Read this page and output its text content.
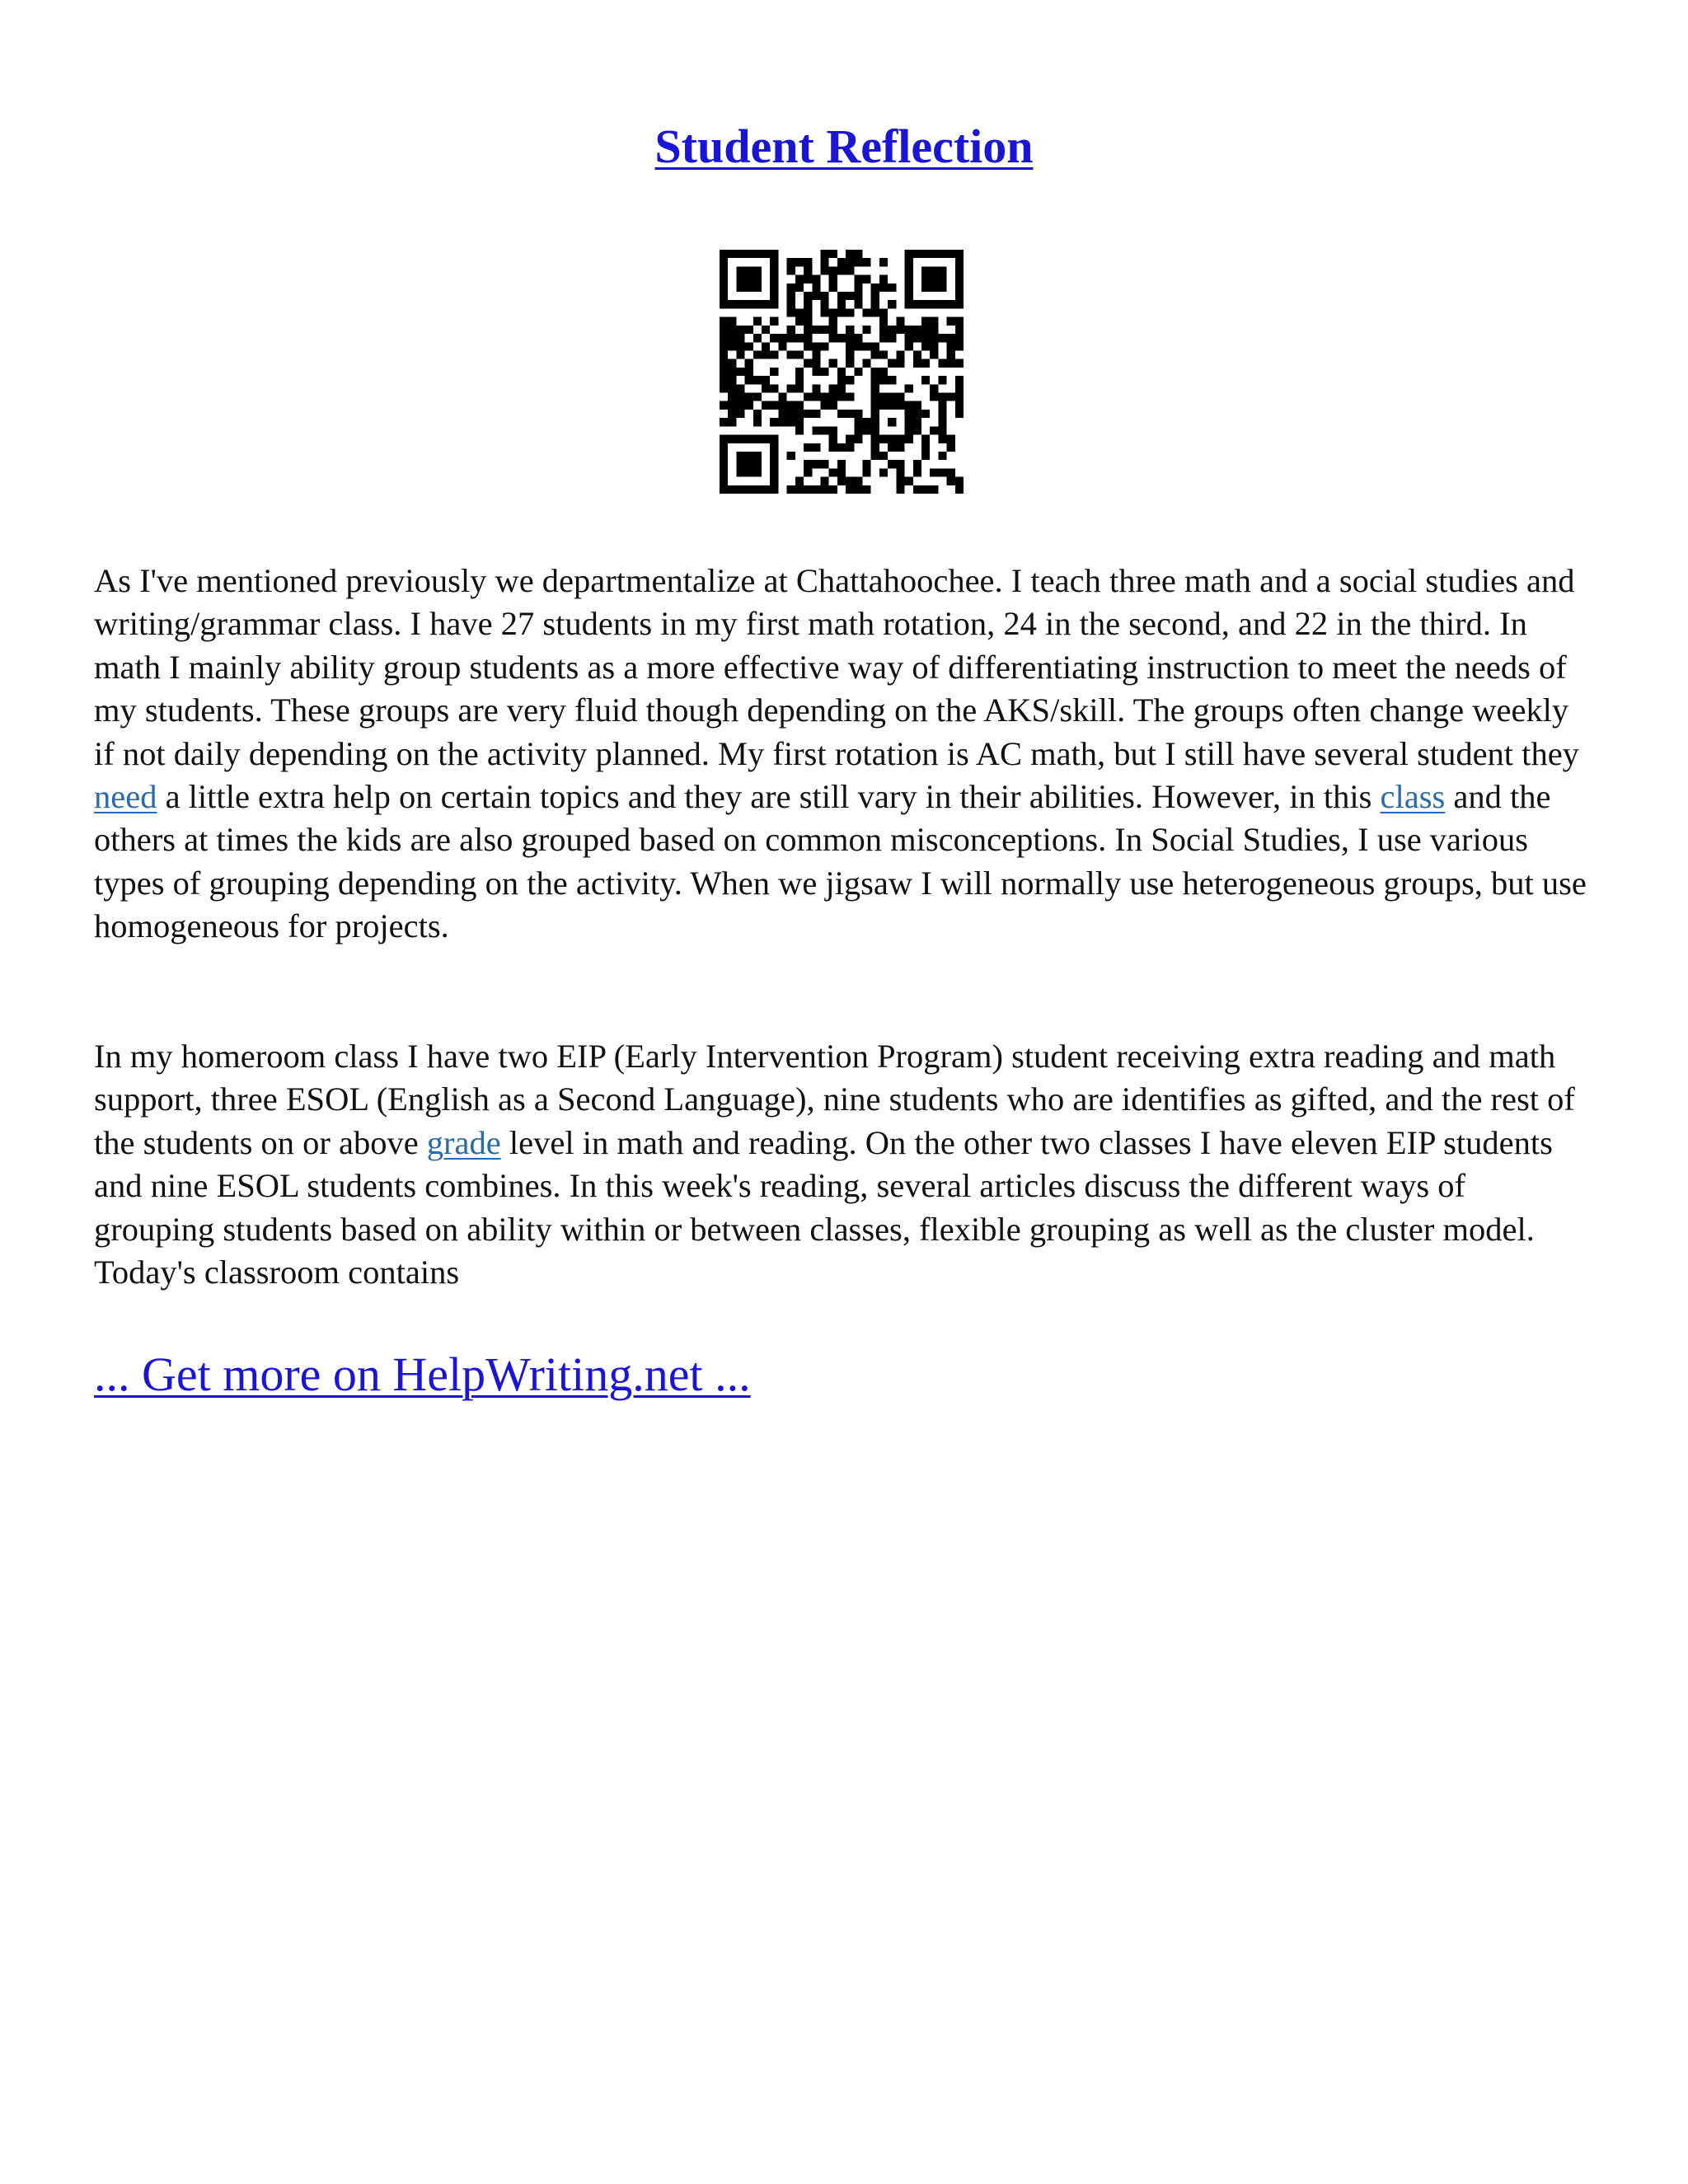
Student Reflection

As I've mentioned previously we departmentalize at Chattahoochee. I teach three math and a social studies and writing/grammar class. I have 27 students in my first math rotation, 24 in the second, and 22 in the third. In math I mainly ability group students as a more effective way of differentiating instruction to meet the needs of my students. These groups are very fluid though depending on the AKS/skill. The groups often change weekly if not daily depending on the activity planned. My first rotation is AC math, but I still have several student they need a little extra help on certain topics and they are still vary in their abilities. However, in this class and the others at times the kids are also grouped based on common misconceptions. In Social Studies, I use various types of grouping depending on the activity. When we jigsaw I will normally use heterogeneous groups, but use homogeneous for projects.

In my homeroom class I have two EIP (Early Intervention Program) student receiving extra reading and math support, three ESOL (English as a Second Language), nine students who are identifies as gifted, and the rest of the students on or above grade level in math and reading. On the other two classes I have eleven EIP students and nine ESOL students combines. In this week's reading, several articles discuss the different ways of grouping students based on ability within or between classes, flexible grouping as well as the cluster model. Today's classroom contains

... Get more on HelpWriting.net ...
